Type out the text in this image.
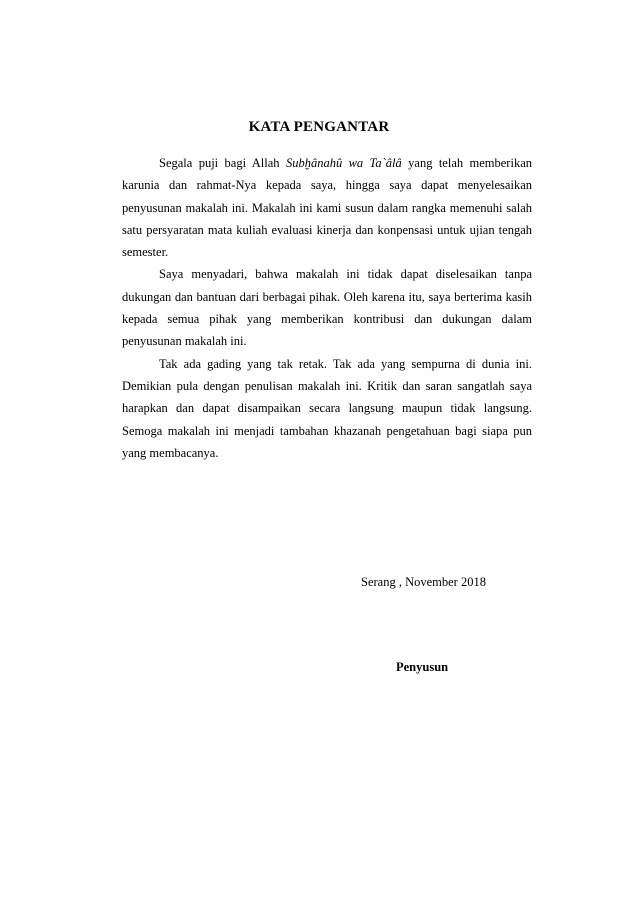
KATA PENGANTAR

Segala puji bagi Allah Subḫânahû wa Ta`âlâ yang telah memberikan karunia dan rahmat-Nya kepada saya, hingga saya dapat menyelesaikan penyusunan makalah ini. Makalah ini kami susun dalam rangka memenuhi salah satu persyaratan mata kuliah evaluasi kinerja dan konpensasi untuk ujian tengah semester.

Saya menyadari, bahwa makalah ini tidak dapat diselesaikan tanpa dukungan dan bantuan dari berbagai pihak. Oleh karena itu, saya berterima kasih kepada semua pihak yang memberikan kontribusi dan dukungan dalam penyusunan makalah ini.

Tak ada gading yang tak retak. Tak ada yang sempurna di dunia ini. Demikian pula dengan penulisan makalah ini. Kritik dan saran sangatlah saya harapkan dan dapat disampaikan secara langsung maupun tidak langsung. Semoga makalah ini menjadi tambahan khazanah pengetahuan bagi siapa pun yang membacanya.

Serang , November 2018
Penyusun
